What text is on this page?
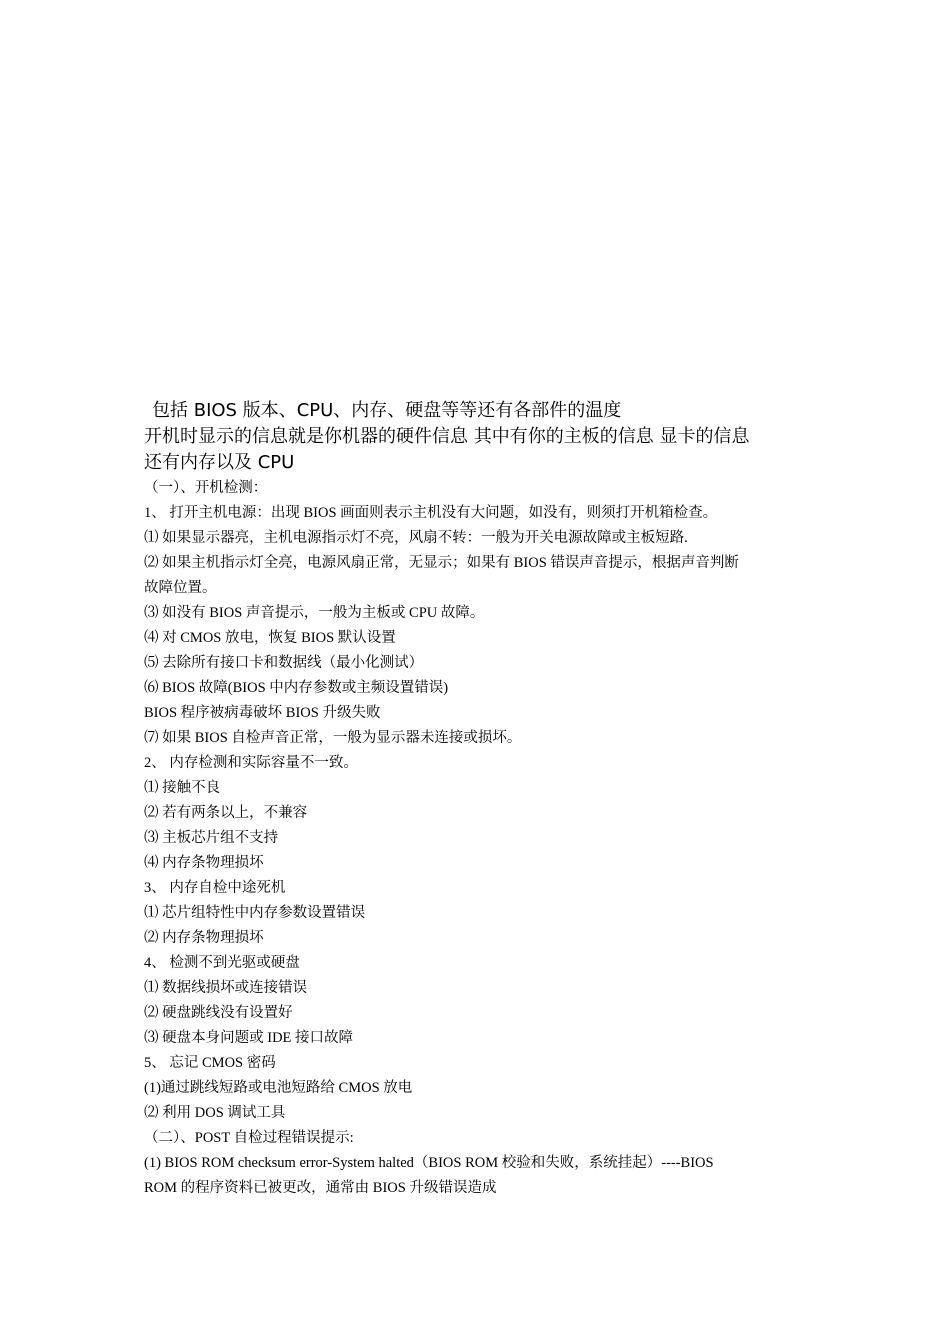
包括 BIOS 版本、CPU、内存、硬盘等等还有各部件的温度

开机时显示的信息就是你机器的硬件信息 其中有你的主板的信息 显卡的信息

还有内存以及 CPU

（一）、开机检测：

1、 打开主机电源：出现 BIOS 画面则表示主机没有大问题，如没有，则须打开机箱检查。

⑴ 如果显示器亮，主机电源指示灯不亮，风扇不转：一般为开关电源故障或主板短路.

⑵ 如果主机指示灯全亮，电源风扇正常，无显示；如果有 BIOS 错误声音提示，根据声音判断

故障位置。

⑶ 如没有 BIOS 声音提示，一般为主板或 CPU 故障。

⑷ 对 CMOS 放电，恢复 BIOS 默认设置

⑸ 去除所有接口卡和数据线（最小化测试）

⑹ BIOS 故障(BIOS 中内存参数或主频设置错误)

BIOS 程序被病毒破坏 BIOS 升级失败

⑺ 如果 BIOS 自检声音正常，一般为显示器未连接或损坏。

2、 内存检测和实际容量不一致。

⑴ 接触不良

⑵ 若有两条以上，不兼容

⑶ 主板芯片组不支持

⑷ 内存条物理损坏

3、 内存自检中途死机

⑴ 芯片组特性中内存参数设置错误

⑵ 内存条物理损坏

4、 检测不到光驱或硬盘

⑴ 数据线损坏或连接错误

⑵ 硬盘跳线没有设置好

⑶ 硬盘本身问题或 IDE 接口故障

5、 忘记 CMOS 密码

(1)通过跳线短路或电池短路给 CMOS 放电

⑵ 利用 DOS 调试工具

（二）、POST 自检过程错误提示:

(1) BIOS ROM checksum error-System halted（BIOS ROM 校验和失败，系统挂起）----BIOS

ROM 的程序资料已被更改，通常由 BIOS 升级错误造成
